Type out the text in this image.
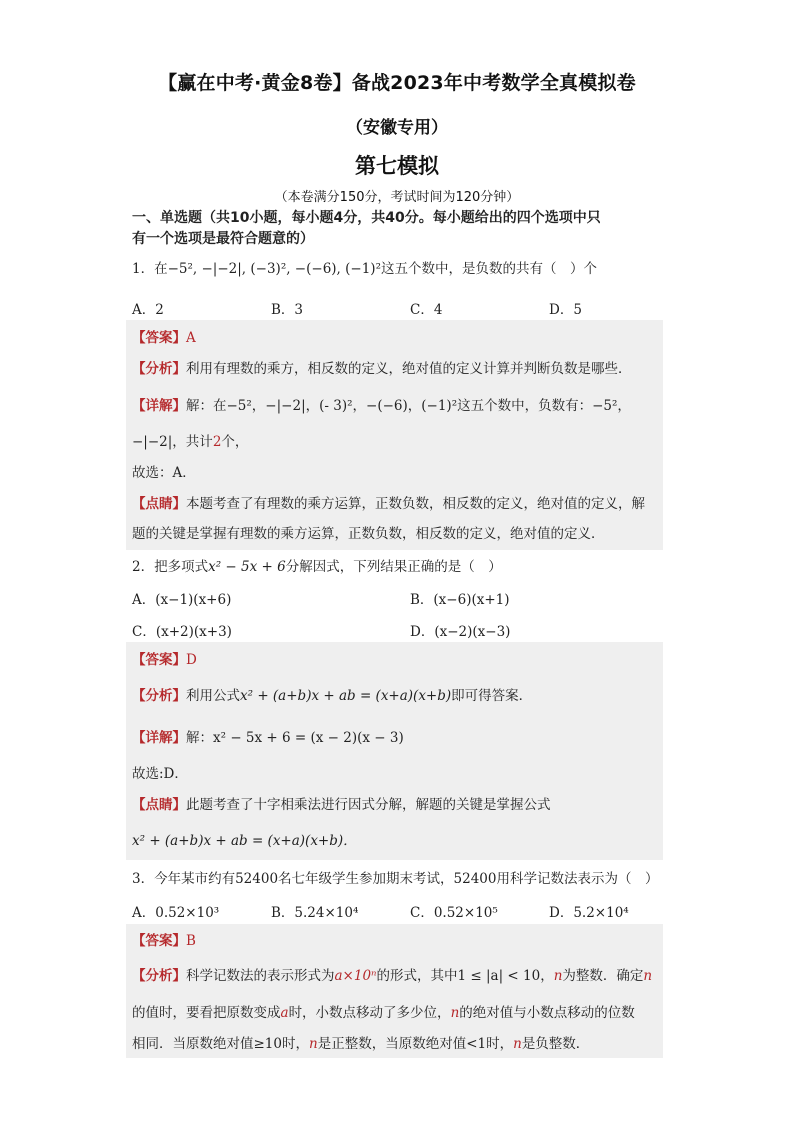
【赢在中考·黄金8卷】备战2023年中考数学全真模拟卷
（安徽专用）
第七模拟
（本卷满分150分，考试时间为120分钟）
一、单选题（共10小题，每小题4分，共40分。每小题给出的四个选项中只
有一个选项是最符合题意的）
1．在−5², −|−2|, (−3)², −(−6), (−1)²这五个数中，是负数的共有（　）个
A．2	B．3	C．4	D．5
【答案】A
【分析】利用有理数的乘方，相反数的定义，绝对值的定义计算并判断负数是哪些．
【详解】解：在−5²，−|−2|，(- 3)²，−(−6)，(−1)²这五个数中，负数有：−5²，
−|−2|，共计2个，
故选：A．
【点睛】本题考查了有理数的乘方运算，正数负数，相反数的定义，绝对值的定义，解
题的关键是掌握有理数的乘方运算，正数负数，相反数的定义，绝对值的定义．
2．把多项式x² − 5x + 6分解因式，下列结果正确的是（　）
A．(x−1)(x+6)	B．(x−6)(x+1)
C．(x+2)(x+3)	D．(x−2)(x−3)
【答案】D
【分析】利用公式x² + (a+b)x + ab = (x+a)(x+b)即可得答案．
【详解】解：x² − 5x + 6 = (x − 2)(x − 3)
故选:D．
【点睛】此题考查了十字相乘法进行因式分解，解题的关键是掌握公式
x² + (a+b)x + ab = (x+a)(x+b)．
3．今年某市约有52400名七年级学生参加期末考试，52400用科学记数法表示为（　）
A．0.52×10³	B．5.24×10⁴	C．0.52×10⁵	D．5.2×10⁴
【答案】B
【分析】科学记数法的表示形式为a×10ⁿ的形式，其中1 ≤ |a| < 10，n为整数．确定n
的值时，要看把原数变成a时，小数点移动了多少位，n的绝对值与小数点移动的位数
相同．当原数绝对值≥10时，n是正整数，当原数绝对值<1时，n是负整数．
